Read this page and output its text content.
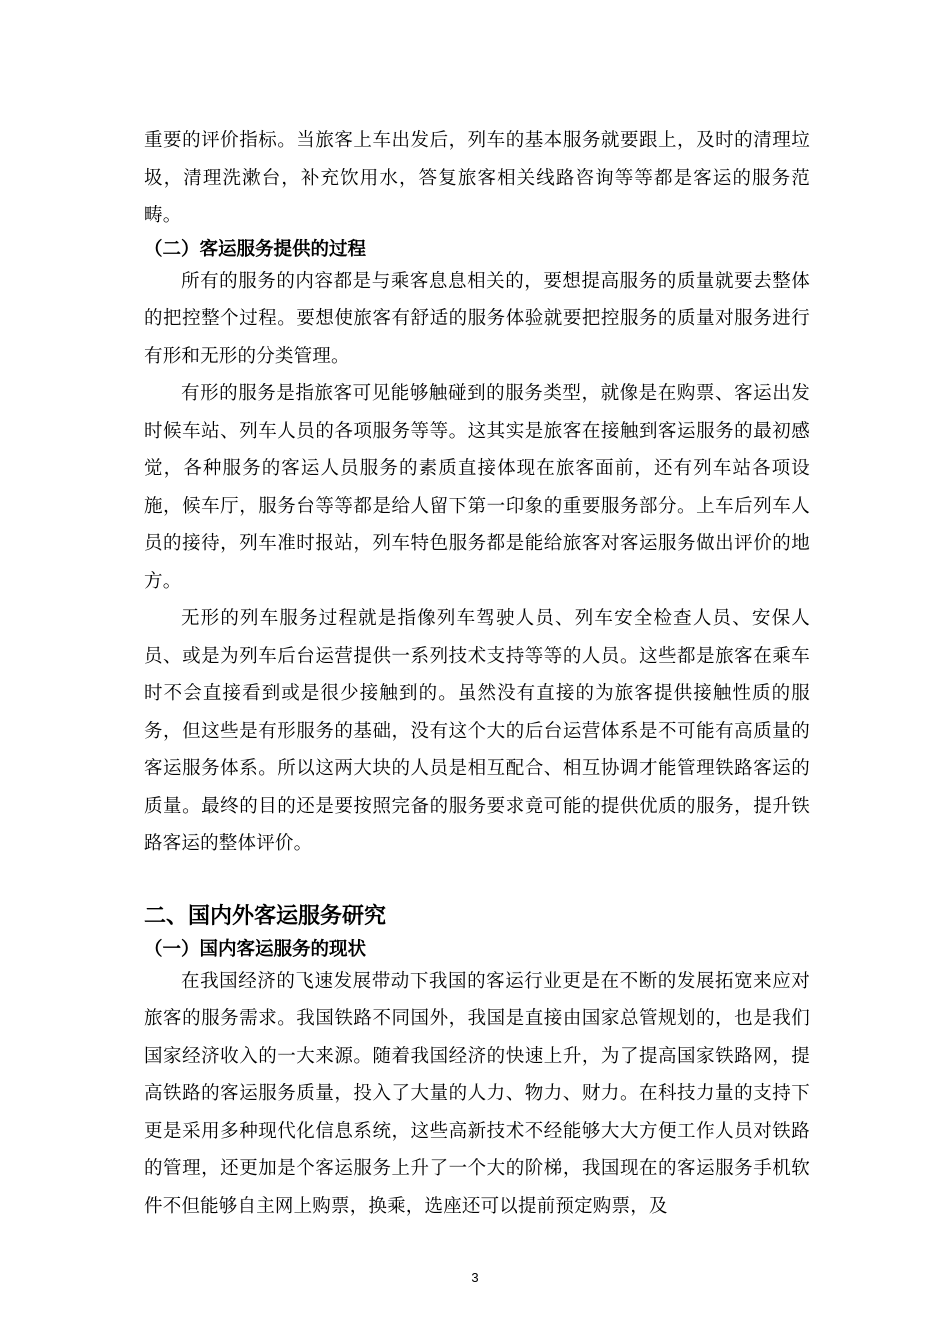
重要的评价指标。当旅客上车出发后，列车的基本服务就要跟上，及时的清理垃圾，清理洗漱台，补充饮用水，答复旅客相关线路咨询等等都是客运的服务范畴。

（二）客运服务提供的过程

所有的服务的内容都是与乘客息息相关的，要想提高服务的质量就要去整体的把控整个过程。要想使旅客有舒适的服务体验就要把控服务的质量对服务进行有形和无形的分类管理。

有形的服务是指旅客可见能够触碰到的服务类型，就像是在购票、客运出发时候车站、列车人员的各项服务等等。这其实是旅客在接触到客运服务的最初感觉，各种服务的客运人员服务的素质直接体现在旅客面前，还有列车站各项设施，候车厅，服务台等等都是给人留下第一印象的重要服务部分。上车后列车人员的接待，列车准时报站，列车特色服务都是能给旅客对客运服务做出评价的地方。

无形的列车服务过程就是指像列车驾驶人员、列车安全检查人员、安保人员、或是为列车后台运营提供一系列技术支持等等的人员。这些都是旅客在乘车时不会直接看到或是很少接触到的。虽然没有直接的为旅客提供接触性质的服务，但这些是有形服务的基础，没有这个大的后台运营体系是不可能有高质量的客运服务体系。所以这两大块的人员是相互配合、相互协调才能管理铁路客运的质量。最终的目的还是要按照完备的服务要求竟可能的提供优质的服务，提升铁路客运的整体评价。

二、国内外客运服务研究
（一）国内客运服务的现状

在我国经济的飞速发展带动下我国的客运行业更是在不断的发展拓宽来应对旅客的服务需求。我国铁路不同国外，我国是直接由国家总管规划的，也是我们国家经济收入的一大来源。随着我国经济的快速上升，为了提高国家铁路网，提高铁路的客运服务质量，投入了大量的人力、物力、财力。在科技力量的支持下更是采用多种现代化信息系统，这些高新技术不经能够大大方便工作人员对铁路的管理，还更加是个客运服务上升了一个大的阶梯，我国现在的客运服务手机软件不但能够自主网上购票，换乘，选座还可以提前预定购票，及

3
